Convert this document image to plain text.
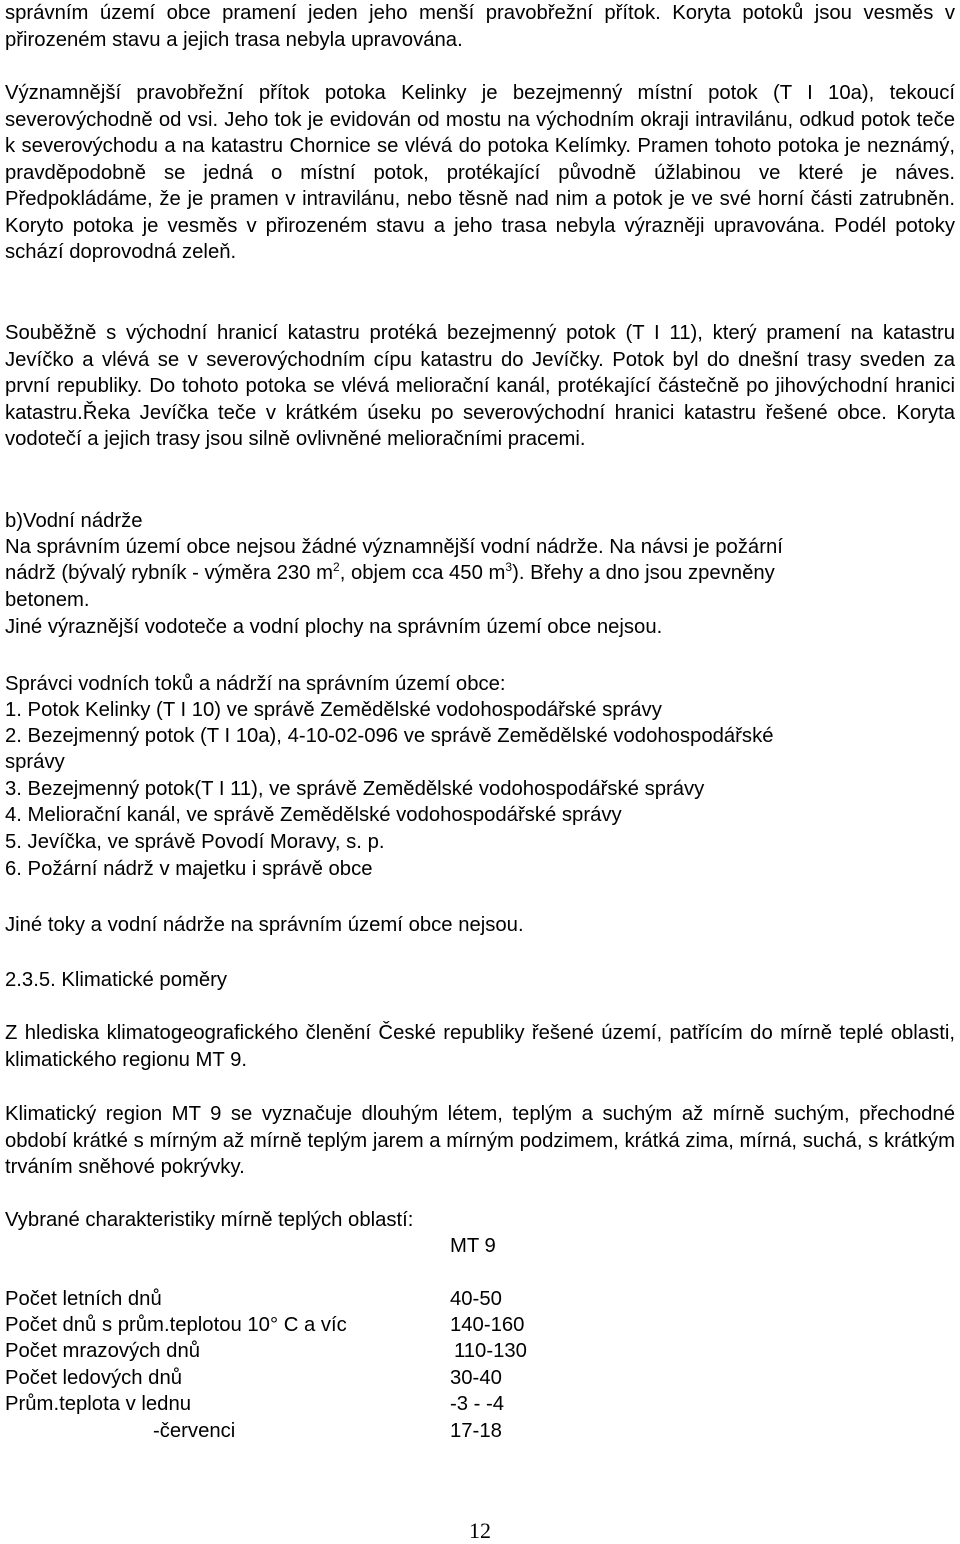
správním území obce pramení jeden jeho menší pravobřežní přítok. Koryta potoků jsou vesměs v přirozeném stavu a jejich trasa nebyla upravována.

Významnější pravobřežní přítok potoka Kelinky je bezejmenný místní potok (T I 10a), tekoucí severovýchodně od vsi. Jeho tok je evidován od mostu na východním okraji intravilánu, odkud potok teče k severovýchodu a na katastru Chornice se vlévá do potoka Kelímky. Pramen tohoto potoka je neznámý, pravděpodobně se jedná o místní potok, protékající původně úžlabinou ve které je náves. Předpokládáme, že je pramen v intravilánu, nebo těsně nad nim a potok je ve své horní části zatrubněn. Koryto potoka je vesměs v přirozeném stavu a jeho trasa nebyla výrazněji upravována. Podél potoky schází doprovodná zeleň.

Souběžně s východní hranicí katastru protéká bezejmenný potok (T I 11), který pramení na katastru Jevíčko a vlévá se v severovýchodním cípu katastru do Jevíčky. Potok byl do dnešní trasy sveden za první republiky. Do tohoto potoka se vlévá meliorační kanál, protékající částečně po jihovýchodní hranici katastru.Řeka Jevíčka teče v krátkém úseku po severovýchodní hranici katastru řešené obce. Koryta vodotečí a jejich trasy jsou silně ovlivněné melioračními pracemi.

b)Vodní nádrže
Na správním území obce nejsou žádné významnější vodní nádrže. Na návsi je požární
nádrž (bývalý rybník - výměra 230 $m^2$, objem cca 450 $m^3$). Břehy a dno jsou zpevněny
betonem.
Jiné výraznější vodoteče a vodní plochy na správním území obce nejsou.
Správci vodních toků a nádrží na správním území obce:
1. Potok Kelinky (T I 10) ve správě Zemědělské vodohospodářské správy
2. Bezejmenný potok (T I 10a), 4-10-02-096 ve správě Zemědělské vodohospodářské
správy
3. Bezejmenný potok(T I 11), ve správě Zemědělské vodohospodářské správy
4. Meliorační kanál, ve správě Zemědělské vodohospodářské správy
5. Jevíčka, ve správě Povodí Moravy, s. p.
6. Požární nádrž v majetku i správě obce
Jiné toky a vodní nádrže na správním území obce nejsou.
2.3.5. Klimatické poměry

Z hlediska klimatogeografického členění České republiky řešené území, patřícím do mírně teplé oblasti, klimatického regionu MT 9.

Klimatický region MT 9 se vyznačuje dlouhým létem, teplým a suchým až mírně suchým, přechodné období krátké s mírným až mírně teplým jarem a mírným podzimem, krátká zima, mírná, suchá, s krátkým trváním sněhové pokrývky.

Vybrané charakteristiky mírně teplých oblastí:
MT 9
Počet letních dnů	40-50
Počet dnů s prům.teplotou 10° C a víc	140-160
Počet mrazových dnů	110-130
Počet ledových dnů	30-40
Prům.teplota v lednu	-3 - -4
-červenci	17-18
12
